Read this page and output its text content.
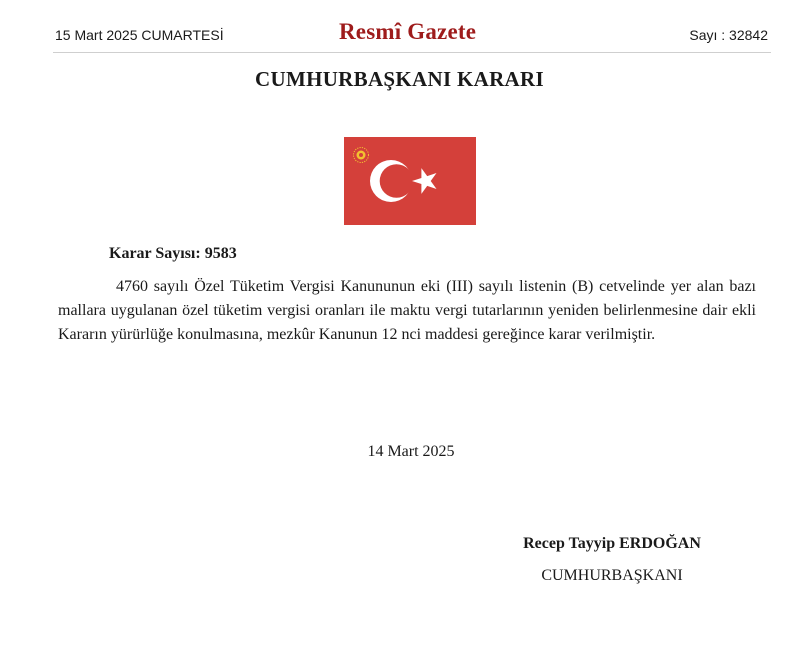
15 Mart 2025 CUMARTESİ	Resmî Gazete	Sayı : 32842
CUMHURBAŞKANI KARARI
Karar Sayısı: 9583

4760 sayılı Özel Tüketim Vergisi Kanununun eki (III) sayılı listenin (B) cetvelinde yer alan bazı mallara uygulanan özel tüketim vergisi oranları ile maktu vergi tutarlarının yeniden belirlenmesine dair ekli Kararın yürürlüğe konulmasına, mezkûr Kanunun 12 nci maddesi gereğince karar verilmiştir.

14 Mart 2025
Recep Tayyip ERDOĞAN
CUMHURBAŞKANI
